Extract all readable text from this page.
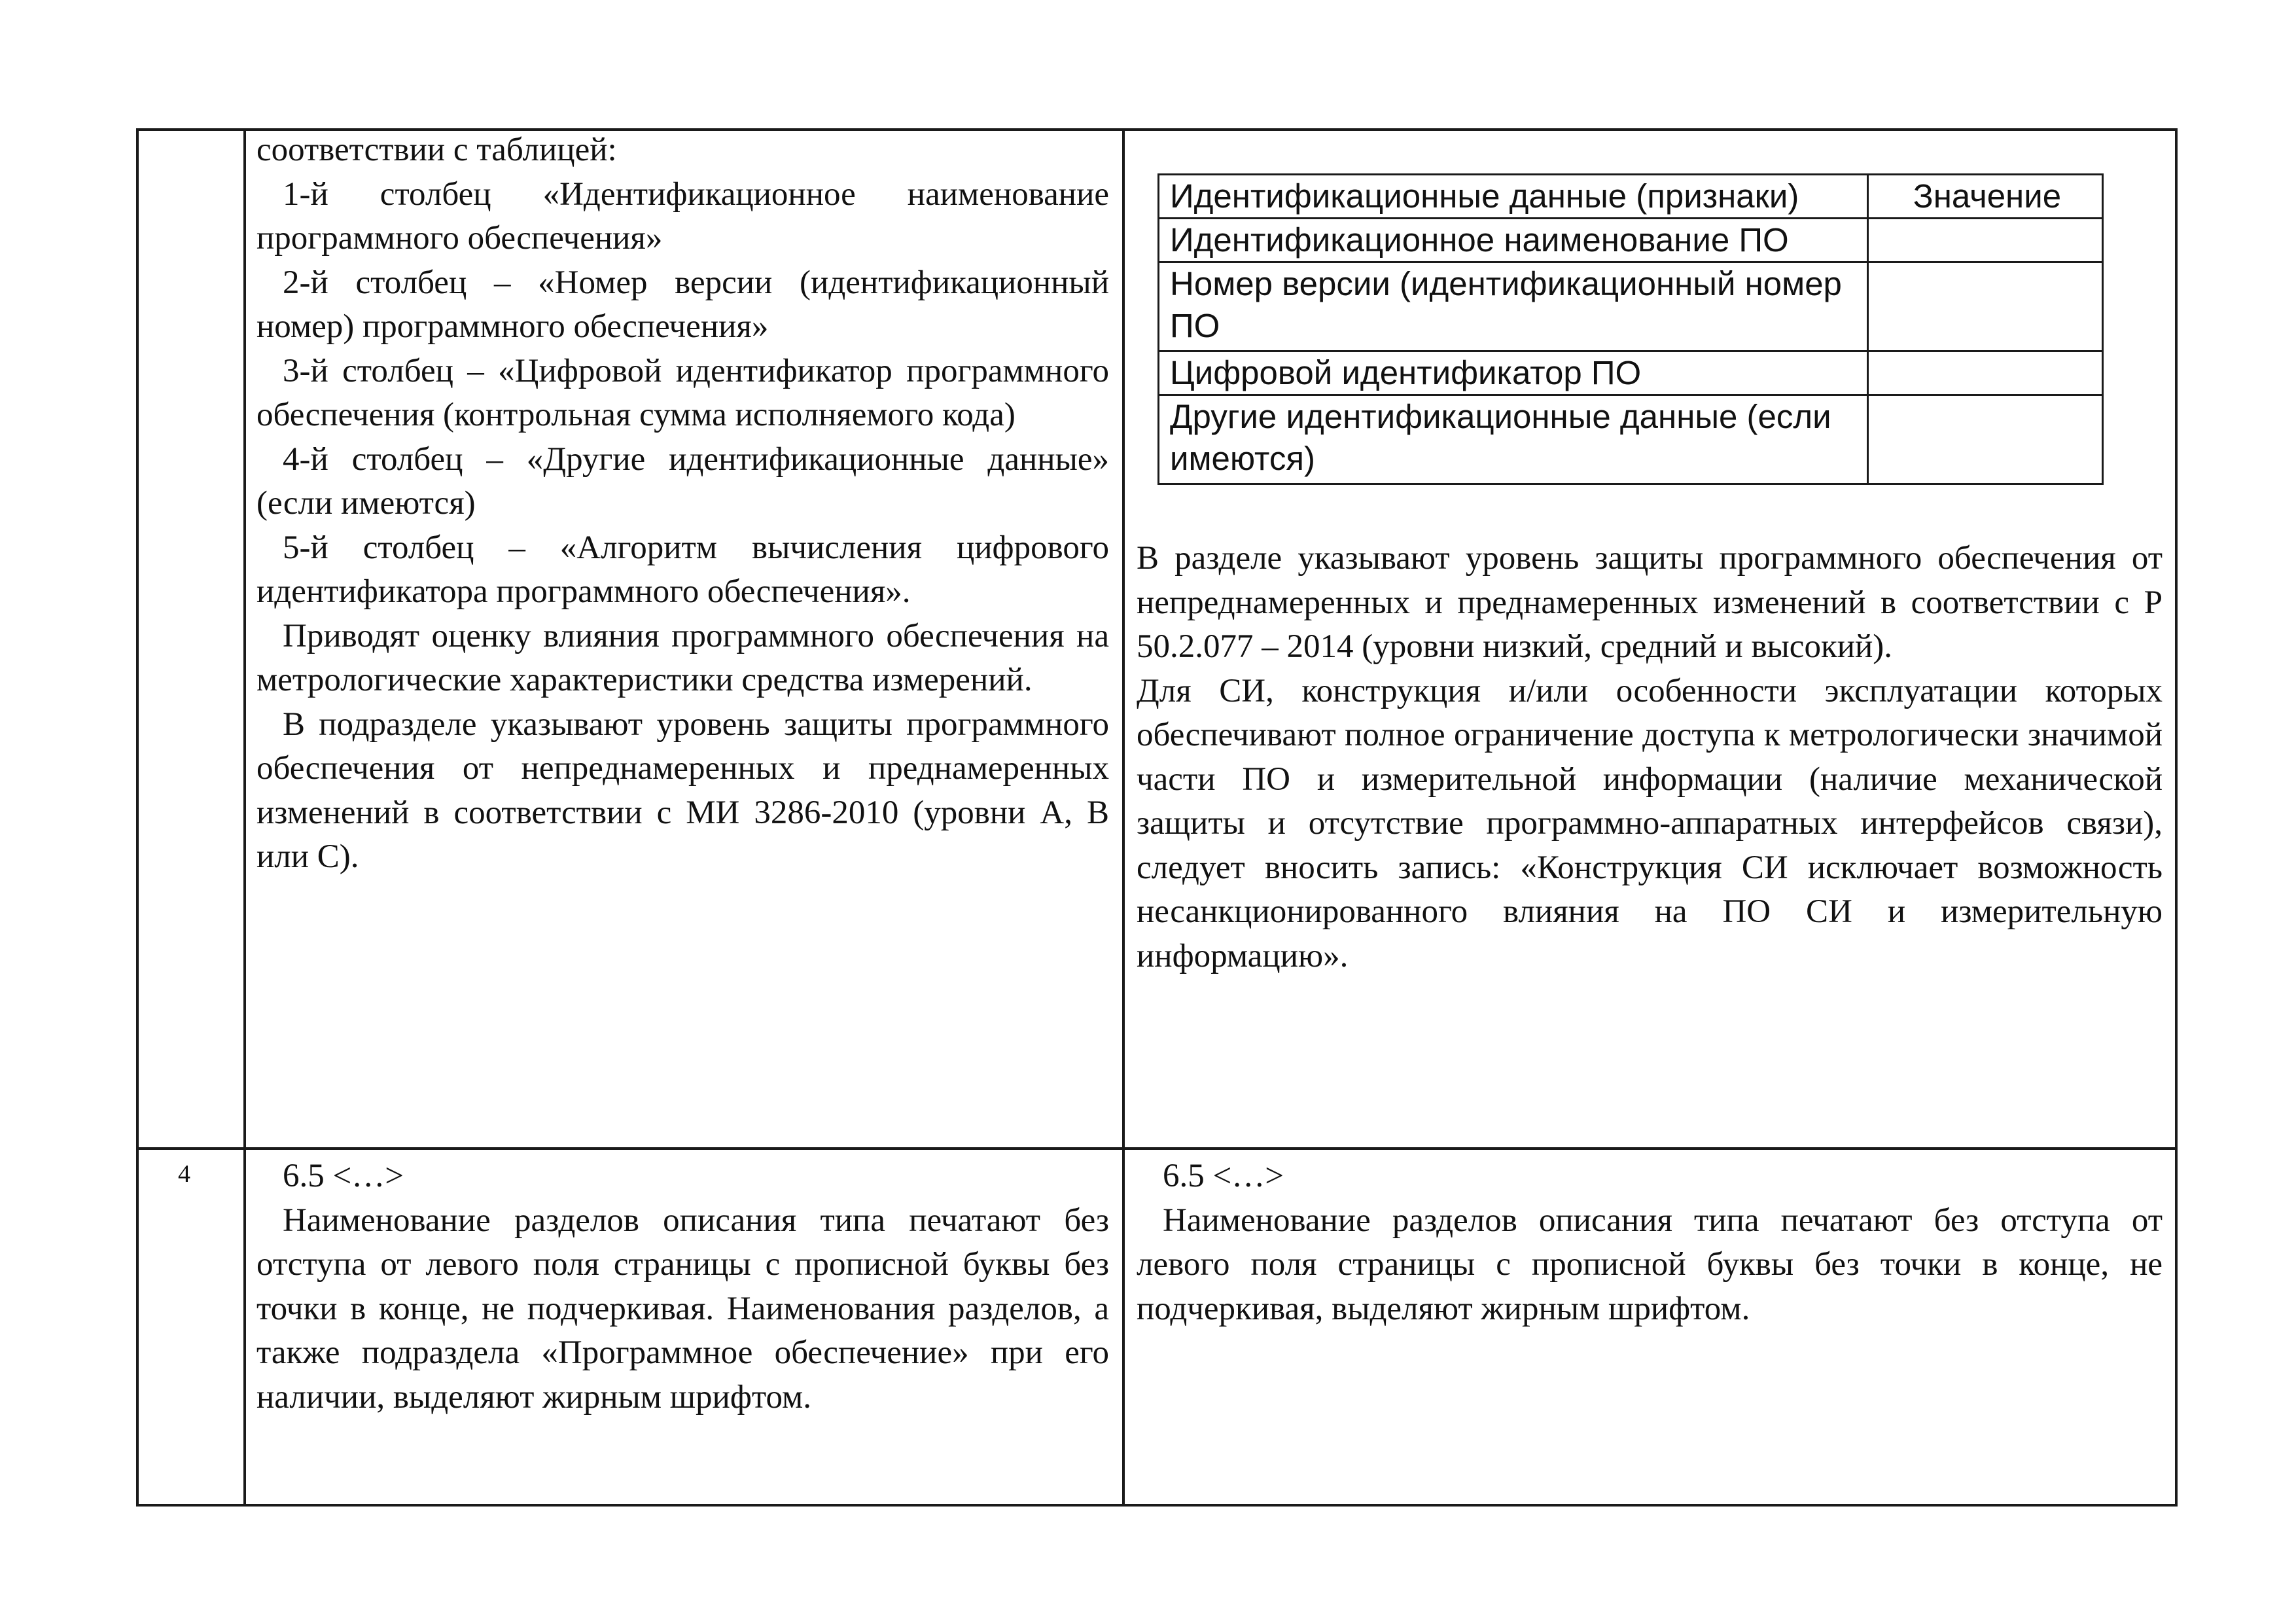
соответствии с таблицей:

1-й столбец «Идентификационное наименование программного обеспечения»

2-й столбец – «Номер версии (идентификационный номер) программного обеспечения»

3-й столбец – «Цифровой идентификатор программного обеспечения (контрольная сумма исполняемого кода)

4-й столбец – «Другие идентификационные данные» (если имеются)

5-й столбец – «Алгоритм вычисления цифрового идентификатора программного обеспечения».

Приводят оценку влияния программного обеспечения на метрологические характеристики средства измерений.

В подразделе указывают уровень защиты программного обеспечения от непреднамеренных и преднамеренных изменений в соответствии с МИ 3286-2010 (уровни А, В или С).

Идентификационные данные (признаки)	Значение
Идентификационное наименование ПО	
Номер версии (идентификационный номер ПО	
Цифровой идентификатор ПО	
Другие идентификационные данные (если имеются)	

В разделе указывают уровень защиты программного обеспечения от непреднамеренных и преднамеренных изменений в соответствии с Р 50.2.077 – 2014 (уровни низкий, средний и высокий).

Для СИ, конструкция и/или особенности эксплуатации которых обеспечивают полное ограничение доступа к метрологически значимой части ПО и измерительной информации (наличие механической защиты и отсутствие программно-аппаратных интерфейсов связи), следует вносить запись: «Конструкция СИ исключает возможность несанкционированного влияния на ПО СИ и измерительную информацию».

4	6.5 <…>

Наименование разделов описания типа печатают без отступа от левого поля страницы с прописной буквы без точки в конце, не подчеркивая. Наименования разделов, а также подраздела «Программное обеспечение» при его наличии, выделяют жирным шрифтом.

6.5 <…>

Наименование разделов описания типа печатают без отступа от левого поля страницы с прописной буквы без точки в конце, не подчеркивая, выделяют жирным шрифтом.
